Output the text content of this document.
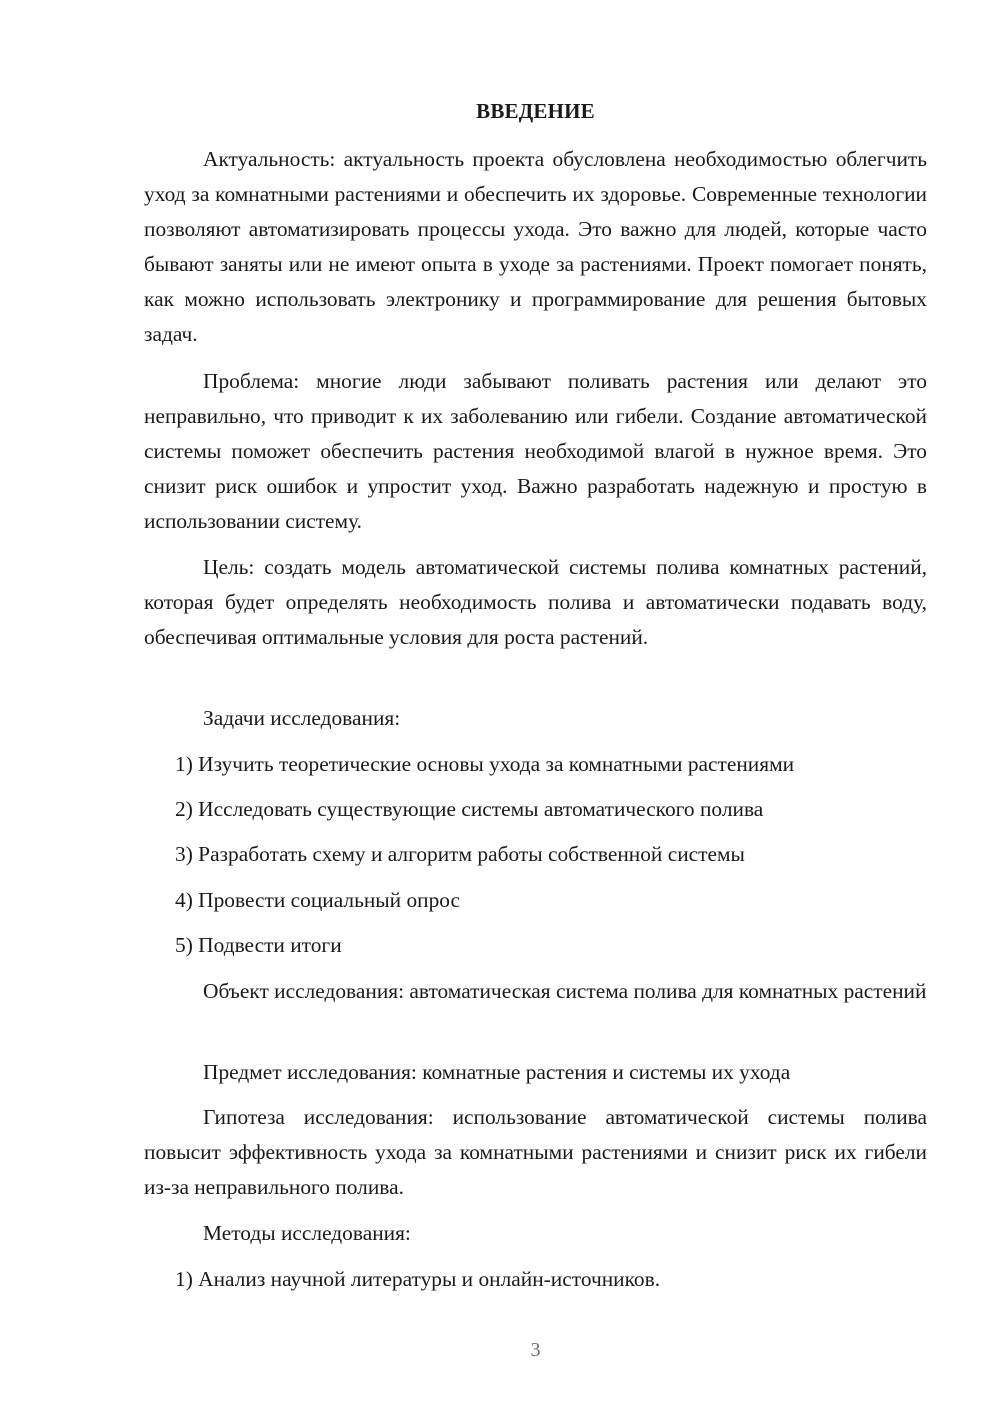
ВВЕДЕНИЕ

Актуальность: актуальность проекта обусловлена необходимостью облегчить уход за комнатными растениями и обеспечить их здоровье. Современные технологии позволяют автоматизировать процессы ухода. Это важно для людей, которые часто бывают заняты или не имеют опыта в уходе за растениями. Проект помогает понять, как можно использовать электронику и программирование для решения бытовых задач.

Проблема: многие люди забывают поливать растения или делают это неправильно, что приводит к их заболеванию или гибели. Создание автоматической системы поможет обеспечить растения необходимой влагой в нужное время. Это снизит риск ошибок и упростит уход. Важно разработать надежную и простую в использовании систему.

Цель: создать модель автоматической системы полива комнатных растений, которая будет определять необходимость полива и автоматически подавать воду, обеспечивая оптимальные условия для роста растений.

Задачи исследования:
1) Изучить теоретические основы ухода за комнатными растениями
2) Исследовать существующие системы автоматического полива
3) Разработать схему и алгоритм работы собственной системы
4) Провести социальный опрос
5) Подвести итоги

Объект исследования: автоматическая система полива для комнатных растений

Предмет исследования: комнатные растения и системы их ухода

Гипотеза исследования: использование автоматической системы полива повысит эффективность ухода за комнатными растениями и снизит риск их гибели из-за неправильного полива.

Методы исследования:
1) Анализ научной литературы и онлайн-источников.
3
